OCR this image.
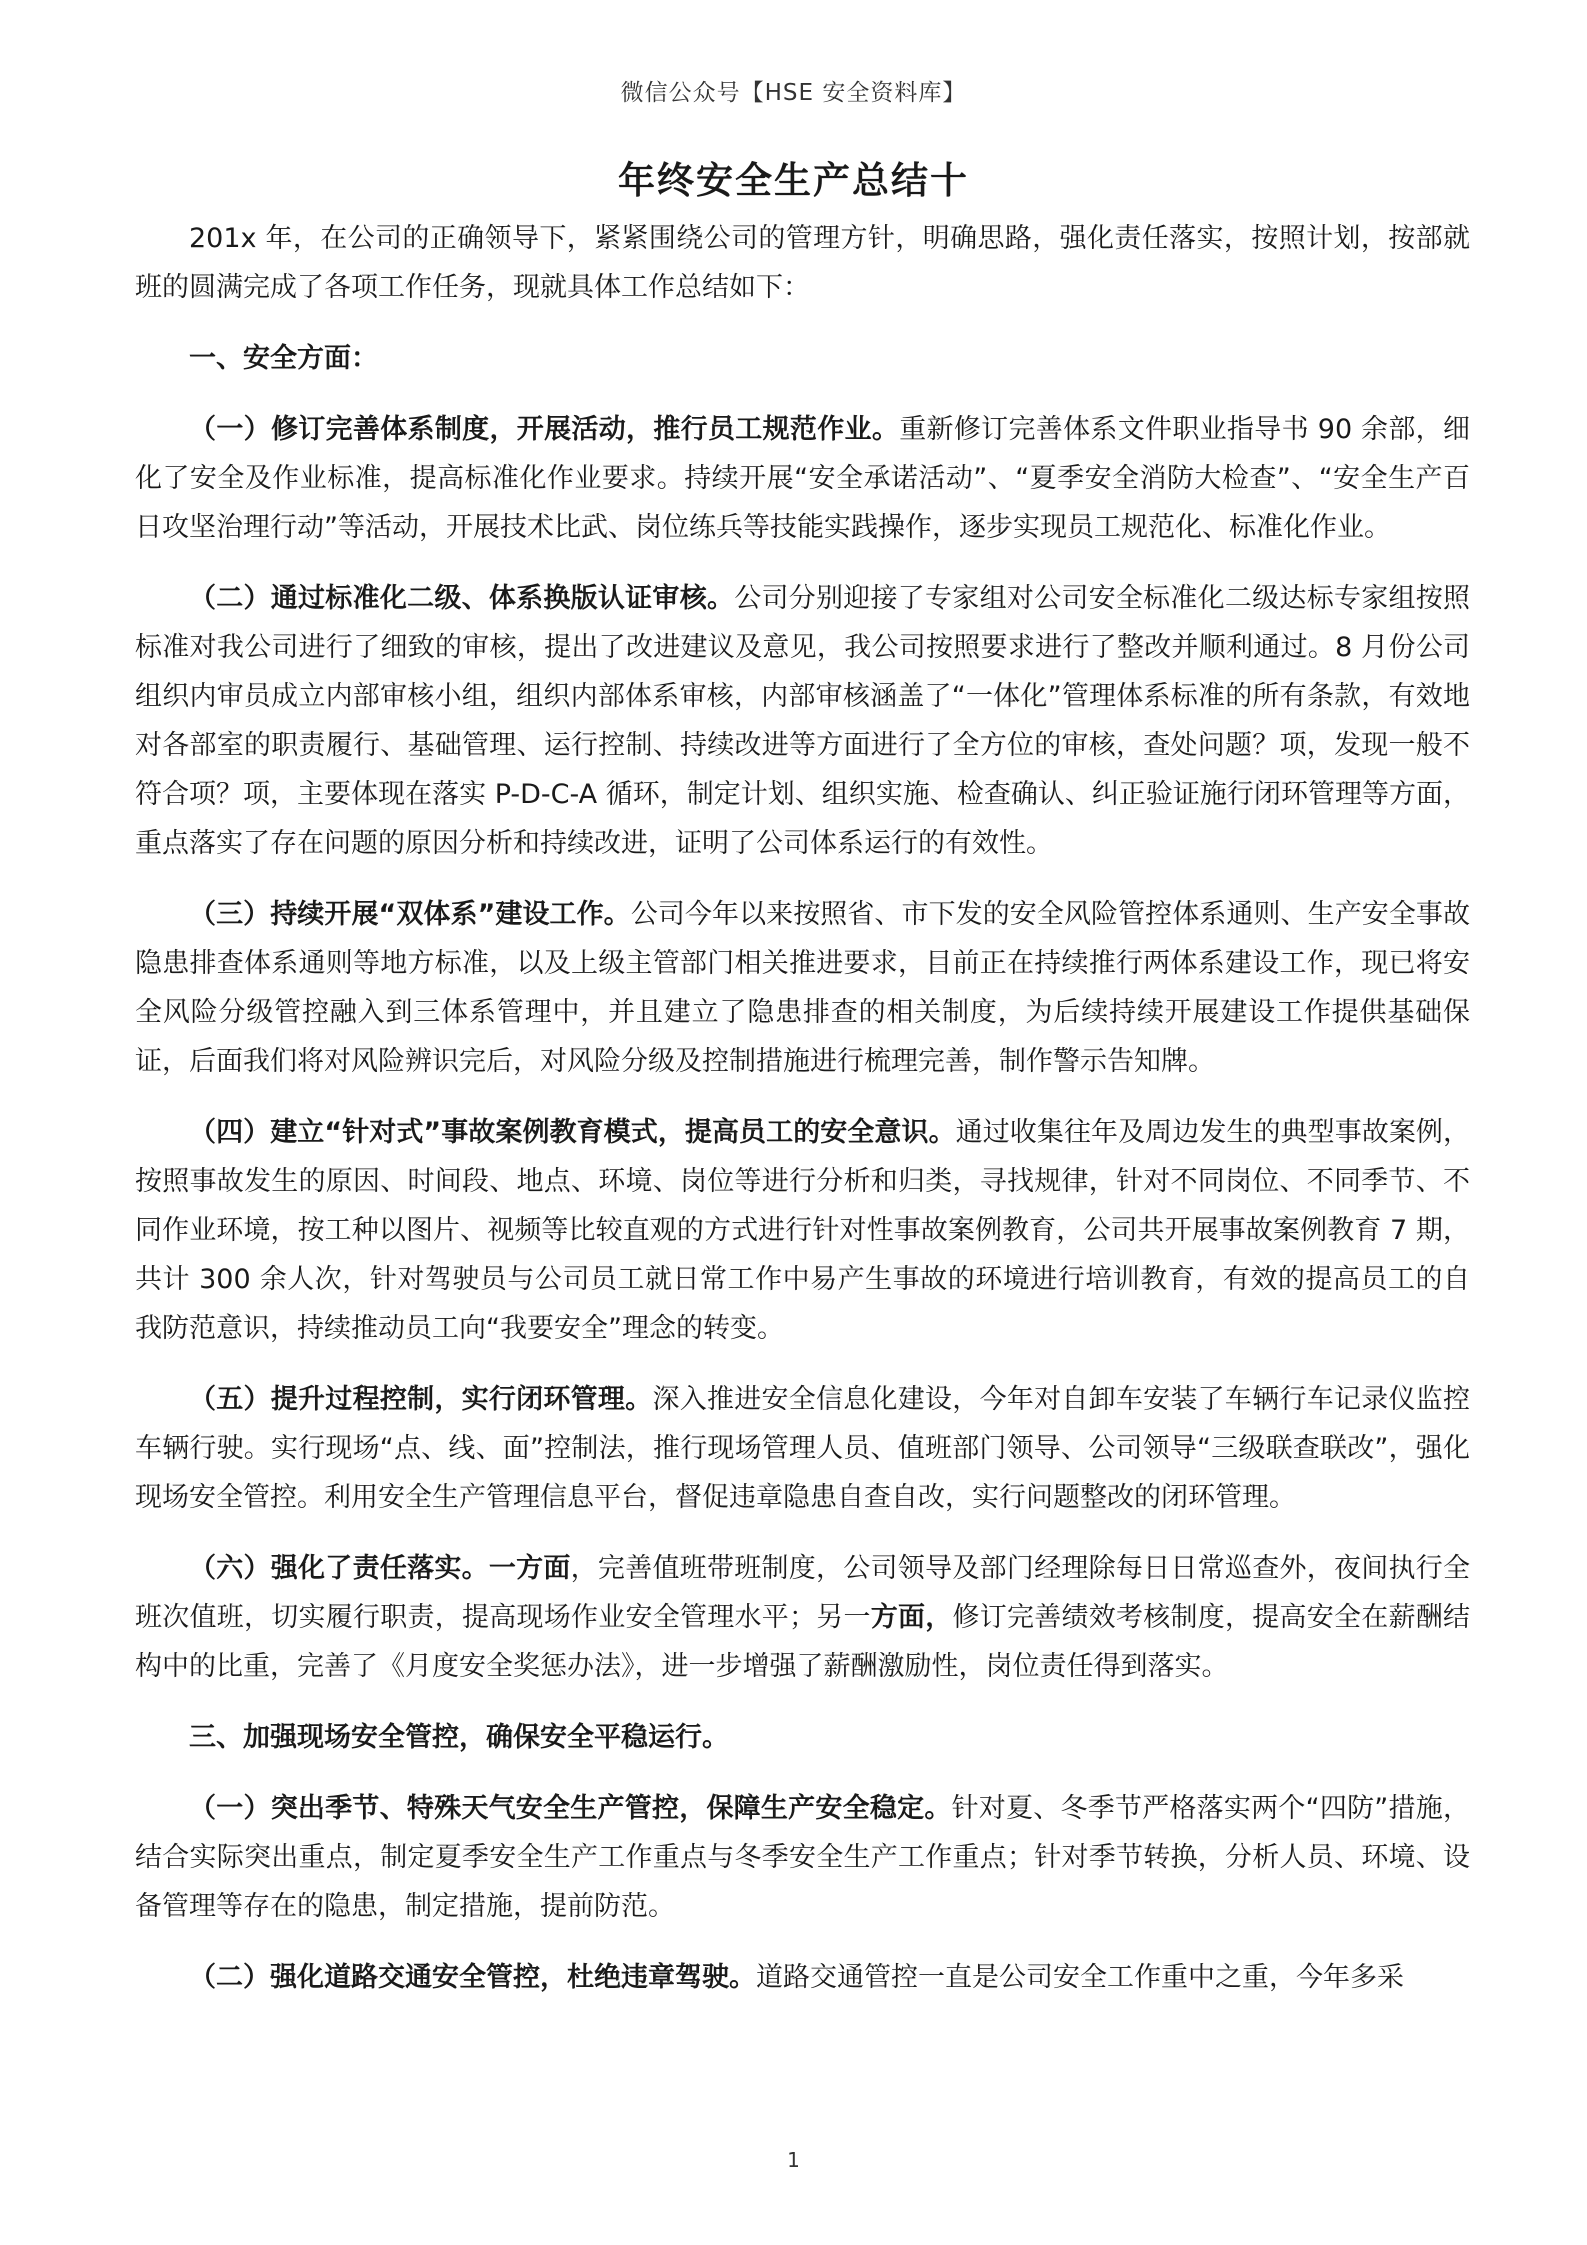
微信公众号【HSE 安全资料库】
年终安全生产总结十

201x 年，在公司的正确领导下，紧紧围绕公司的管理方针，明确思路，强化责任落实，按照计划，按部就班的圆满完成了各项工作任务，现就具体工作总结如下：

一、安全方面：

（一）修订完善体系制度，开展活动，推行员工规范作业。重新修订完善体系文件职业指导书 90 余部，细化了安全及作业标准，提高标准化作业要求。持续开展“安全承诺活动”、“夏季安全消防大检查”、“安全生产百日攻坚治理行动”等活动，开展技术比武、岗位练兵等技能实践操作，逐步实现员工规范化、标准化作业。

（二）通过标准化二级、体系换版认证审核。公司分别迎接了专家组对公司安全标准化二级达标专家组按照标准对我公司进行了细致的审核，提出了改进建议及意见，我公司按照要求进行了整改并顺利通过。8 月份公司组织内审员成立内部审核小组，组织内部体系审核，内部审核涵盖了“一体化”管理体系标准的所有条款，有效地对各部室的职责履行、基础管理、运行控制、持续改进等方面进行了全方位的审核，查处问题？项，发现一般不符合项？项，主要体现在落实 P-D-C-A 循环，制定计划、组织实施、检查确认、纠正验证施行闭环管理等方面，重点落实了存在问题的原因分析和持续改进，证明了公司体系运行的有效性。

（三）持续开展“双体系”建设工作。公司今年以来按照省、市下发的安全风险管控体系通则、生产安全事故隐患排查体系通则等地方标准，以及上级主管部门相关推进要求，目前正在持续推行两体系建设工作，现已将安全风险分级管控融入到三体系管理中，并且建立了隐患排查的相关制度，为后续持续开展建设工作提供基础保证，后面我们将对风险辨识完后，对风险分级及控制措施进行梳理完善，制作警示告知牌。

（四）建立“针对式”事故案例教育模式，提高员工的安全意识。通过收集往年及周边发生的典型事故案例，按照事故发生的原因、时间段、地点、环境、岗位等进行分析和归类，寻找规律，针对不同岗位、不同季节、不同作业环境，按工种以图片、视频等比较直观的方式进行针对性事故案例教育，公司共开展事故案例教育 7 期，共计 300 余人次，针对驾驶员与公司员工就日常工作中易产生事故的环境进行培训教育，有效的提高员工的自我防范意识，持续推动员工向“我要安全”理念的转变。

（五）提升过程控制，实行闭环管理。深入推进安全信息化建设，今年对自卸车安装了车辆行车记录仪监控车辆行驶。实行现场“点、线、面”控制法，推行现场管理人员、值班部门领导、公司领导“三级联查联改”，强化现场安全管控。利用安全生产管理信息平台，督促违章隐患自查自改，实行问题整改的闭环管理。

（六）强化了责任落实。一方面，完善值班带班制度，公司领导及部门经理除每日日常巡查外，夜间执行全班次值班，切实履行职责，提高现场作业安全管理水平；另一方面，修订完善绩效考核制度，提高安全在薪酬结构中的比重，完善了《月度安全奖惩办法》，进一步增强了薪酬激励性，岗位责任得到落实。

三、加强现场安全管控，确保安全平稳运行。

（一）突出季节、特殊天气安全生产管控，保障生产安全稳定。针对夏、冬季节严格落实两个“四防”措施，结合实际突出重点，制定夏季安全生产工作重点与冬季安全生产工作重点；针对季节转换，分析人员、环境、设备管理等存在的隐患，制定措施，提前防范。

（二）强化道路交通安全管控，杜绝违章驾驶。道路交通管控一直是公司安全工作重中之重，今年多采

1
